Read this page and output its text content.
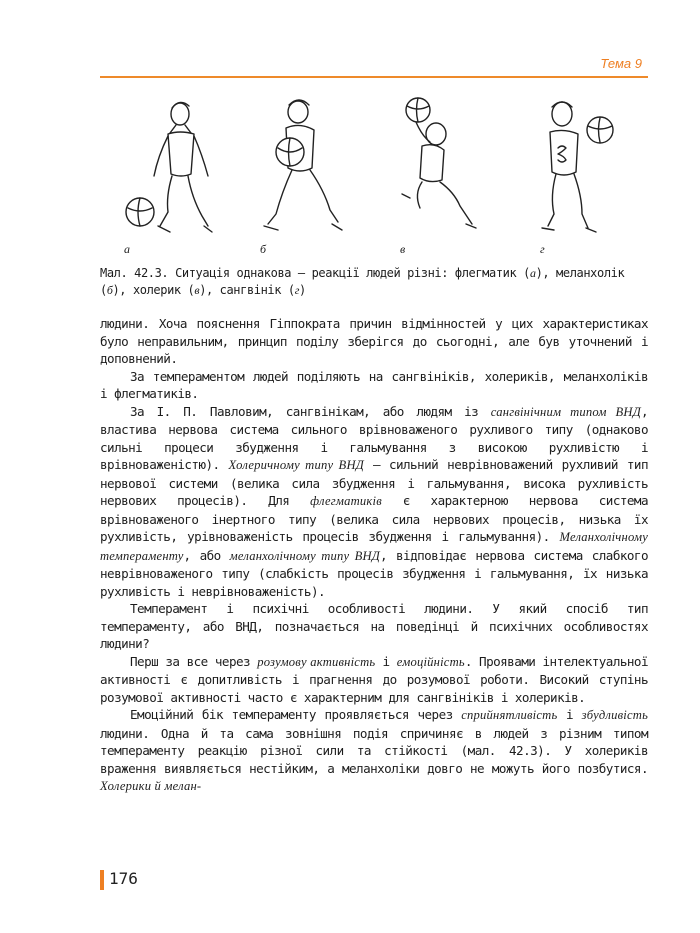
Тема 9
а	б	в	г
Мал. 42.3. Ситуація однакова — реакції людей різні: флегматик (а), меланхолік (б), холерик (в), сангвінік (г)

людини. Хоча пояснення Гіппократа причин відмінностей у цих характеристиках було неправильним, принцип поділу зберігся до сьогодні, але був уточнений і доповнений.

За темпераментом людей поділяють на сангвініків, холериків, меланхоліків і флегматиків.

За І. П. Павловим, сангвінікам, або людям із сангвінічним типом ВНД, властива нервова система сильного врівноваженого рухливого типу (однаково сильні процеси збудження і гальмування з високою рухливістю і врівноваженістю). Холеричному типу ВНД — сильний неврівноважений рухливий тип нервової системи (велика сила збудження і гальмування, висока рухливість нервових процесів). Для флегматиків є характерною нервова система врівноваженого інертного типу (велика сила нервових процесів, низька їх рухливість, урівноваженість процесів збудження і гальмування). Меланхолічному темпераменту, або меланхолічному типу ВНД, відповідає нервова система слабкого неврівноваженого типу (слабкість процесів збудження і гальмування, їх низька рухливість і неврівноваженість).

Темперамент і психічні особливості людини. У який спосіб тип темпераменту, або ВНД, позначається на поведінці й психічних особливостях людини?

Перш за все через розумову активність і емоційність. Проявами інтелектуальної активності є допитливість і прагнення до розумової роботи. Високий ступінь розумової активності часто є характерним для сангвініків і холериків.

Емоційний бік темпераменту проявляється через сприйнятливість і збудливість людини. Одна й та сама зовнішня подія спричиняє в людей з різним типом темпераменту реакцію різної сили та стійкості (мал. 42.3). У холериків враження виявляється нестійким, а меланхоліки довго не можуть його позбутися. Холерики й мелан-

176
